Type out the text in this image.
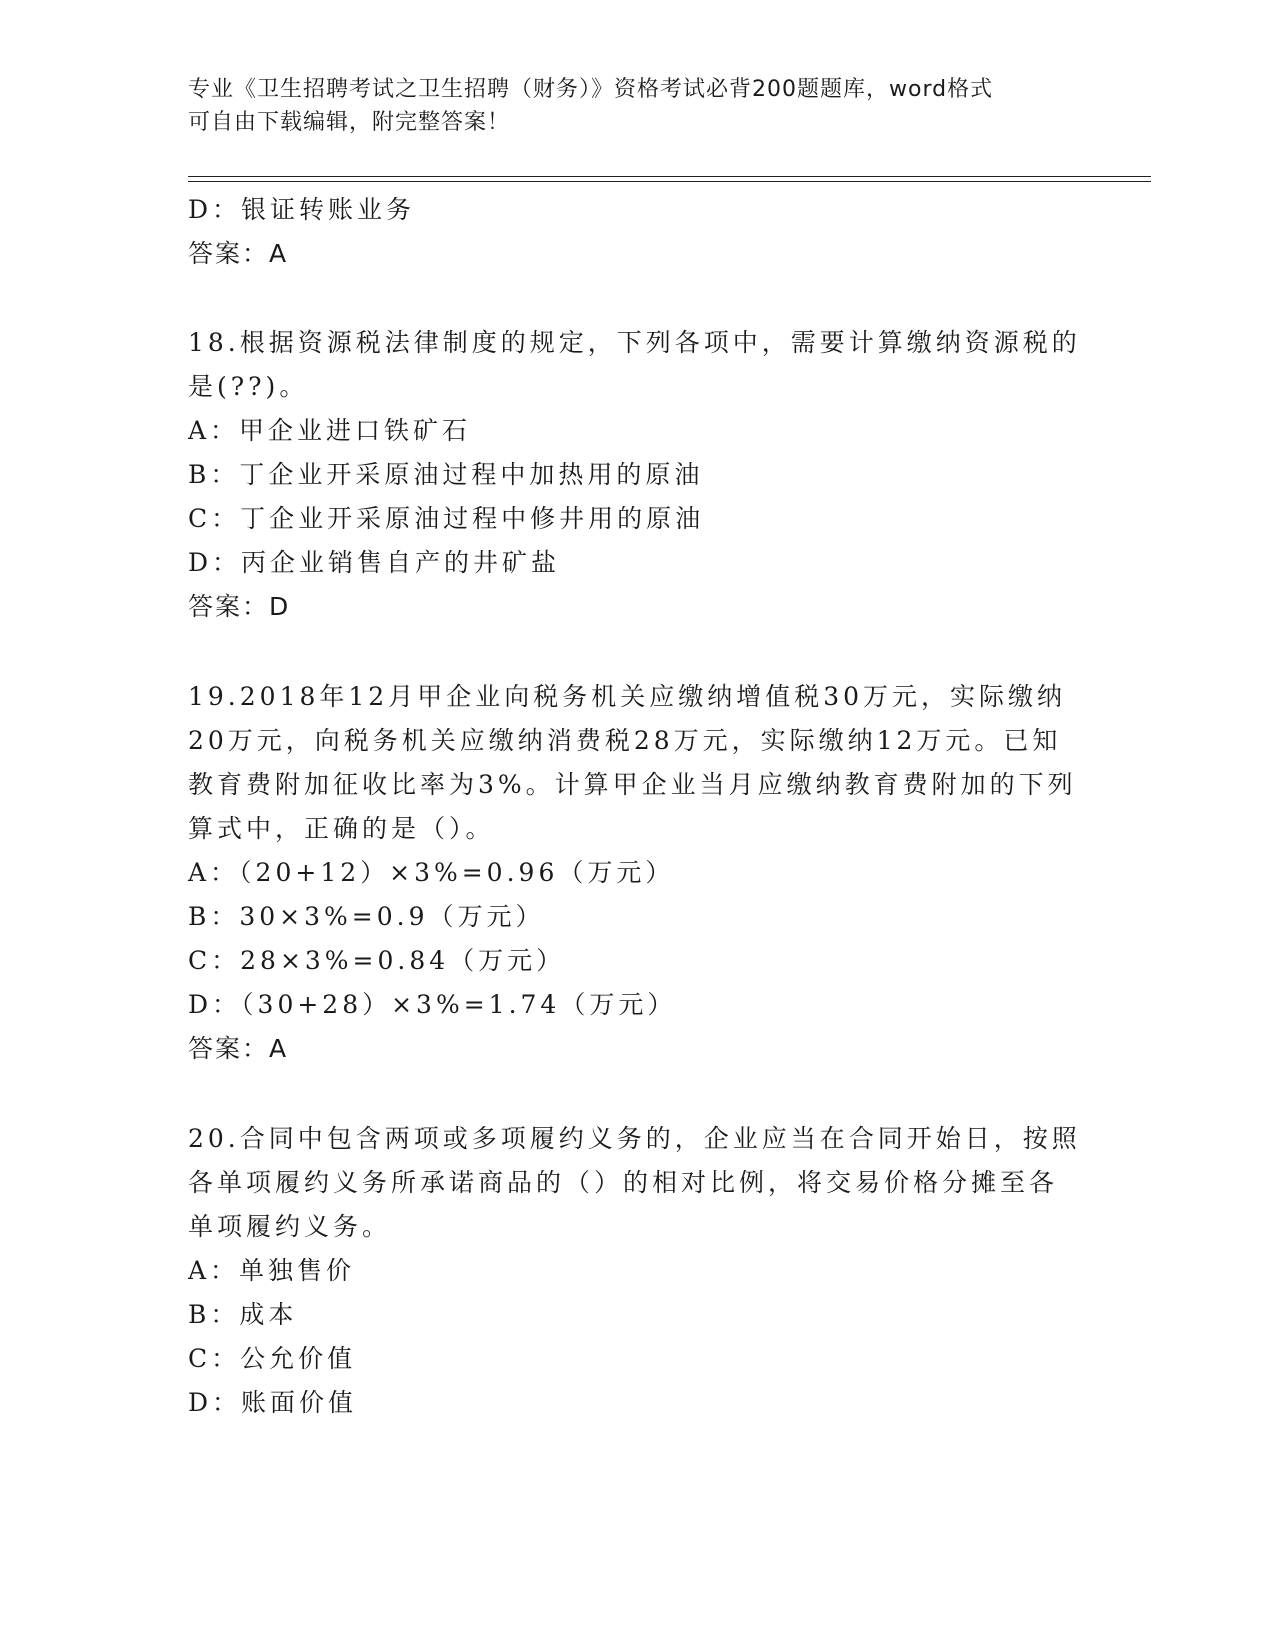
专业《卫生招聘考试之卫生招聘（财务）》资格考试必背200题题库，word格式
可自由下载编辑，附完整答案！
D：银证转账业务
答案：A
18.根据资源税法律制度的规定，下列各项中，需要计算缴纳资源税的
是(??)。
A：甲企业进口铁矿石
B：丁企业开采原油过程中加热用的原油
C：丁企业开采原油过程中修井用的原油
D：丙企业销售自产的井矿盐
答案：D
19.2018年12月甲企业向税务机关应缴纳增值税30万元，实际缴纳
20万元，向税务机关应缴纳消费税28万元，实际缴纳12万元。已知
教育费附加征收比率为3%。计算甲企业当月应缴纳教育费附加的下列
算式中，正确的是（）。
A：（20+12）×3%=0.96（万元）
B：30×3%=0.9（万元）
C：28×3%=0.84（万元）
D：（30+28）×3%=1.74（万元）
答案：A
20.合同中包含两项或多项履约义务的，企业应当在合同开始日，按照
各单项履约义务所承诺商品的（）的相对比例，将交易价格分摊至各
单项履约义务。
A：单独售价
B：成本
C：公允价值
D：账面价值
